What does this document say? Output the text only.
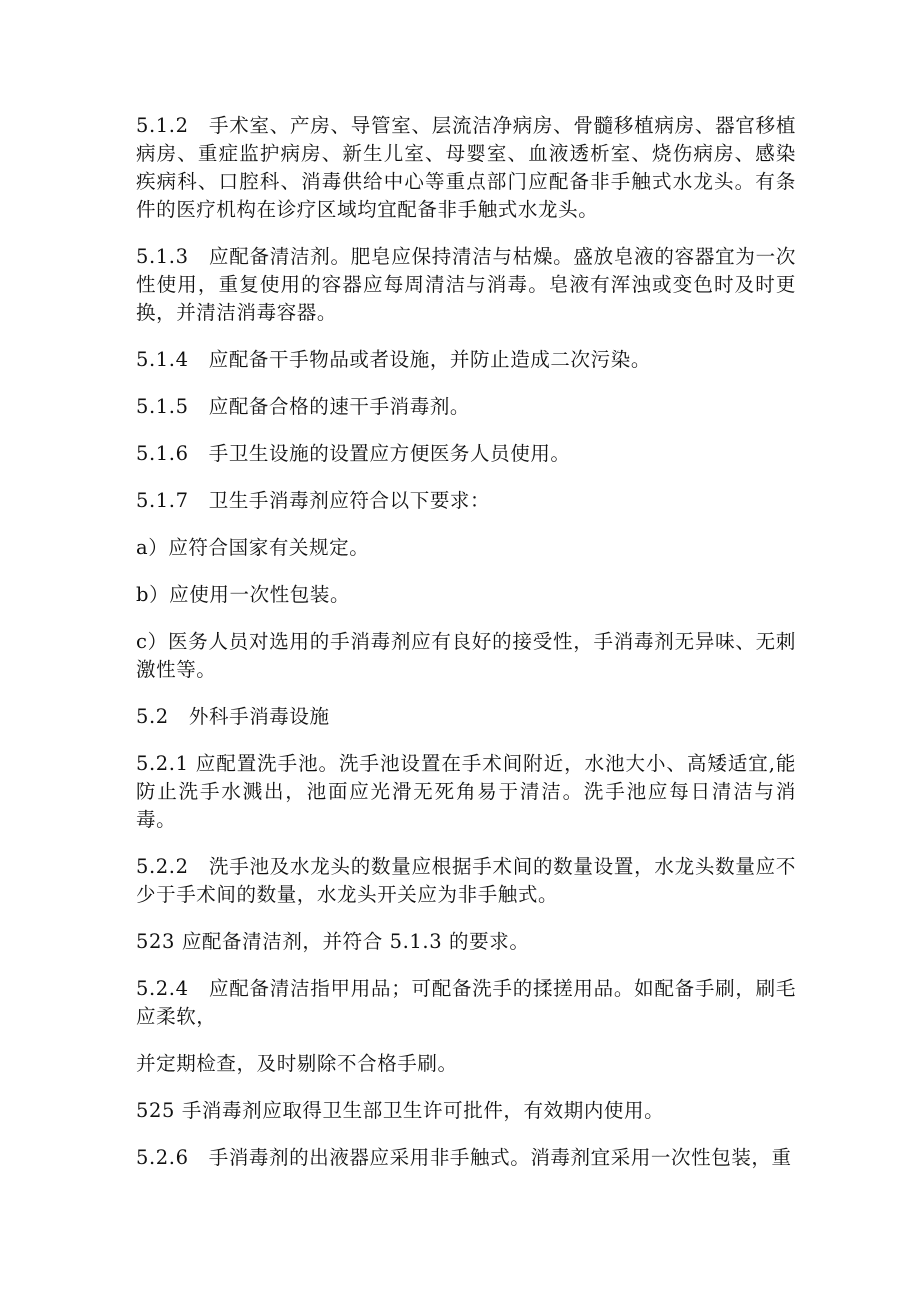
5.1.2　手术室、产房、导管室、层流洁净病房、骨髓移植病房、器官移植病房、重症监护病房、新生儿室、母婴室、血液透析室、烧伤病房、感染疾病科、口腔科、消毒供给中心等重点部门应配备非手触式水龙头。有条件的医疗机构在诊疗区域均宜配备非手触式水龙头。

5.1.3　应配备清洁剂。肥皂应保持清洁与枯燥。盛放皂液的容器宜为一次性使用，重复使用的容器应每周清洁与消毒。皂液有浑浊或变色时及时更换，并清洁消毒容器。

5.1.4　应配备干手物品或者设施，并防止造成二次污染。

5.1.5　应配备合格的速干手消毒剂。

5.1.6　手卫生设施的设置应方便医务人员使用。

5.1.7　卫生手消毒剂应符合以下要求：

a）应符合国家有关规定。

b）应使用一次性包装。

c）医务人员对选用的手消毒剂应有良好的接受性，手消毒剂无异味、无刺激性等。

5.2　外科手消毒设施

5.2.1 应配置洗手池。洗手池设置在手术间附近，水池大小、高矮适宜,能防止洗手水溅出，池面应光滑无死角易于清洁。洗手池应每日清洁与消毒。

5.2.2　洗手池及水龙头的数量应根据手术间的数量设置，水龙头数量应不少于手术间的数量，水龙头开关应为非手触式。

523 应配备清洁剂，并符合 5.1.3 的要求。

5.2.4　应配备清洁指甲用品；可配备洗手的揉搓用品。如配备手刷，刷毛应柔软，

并定期检查，及时剔除不合格手刷。

525 手消毒剂应取得卫生部卫生许可批件，有效期内使用。

5.2.6　手消毒剂的出液器应采用非手触式。消毒剂宜采用一次性包装，重
